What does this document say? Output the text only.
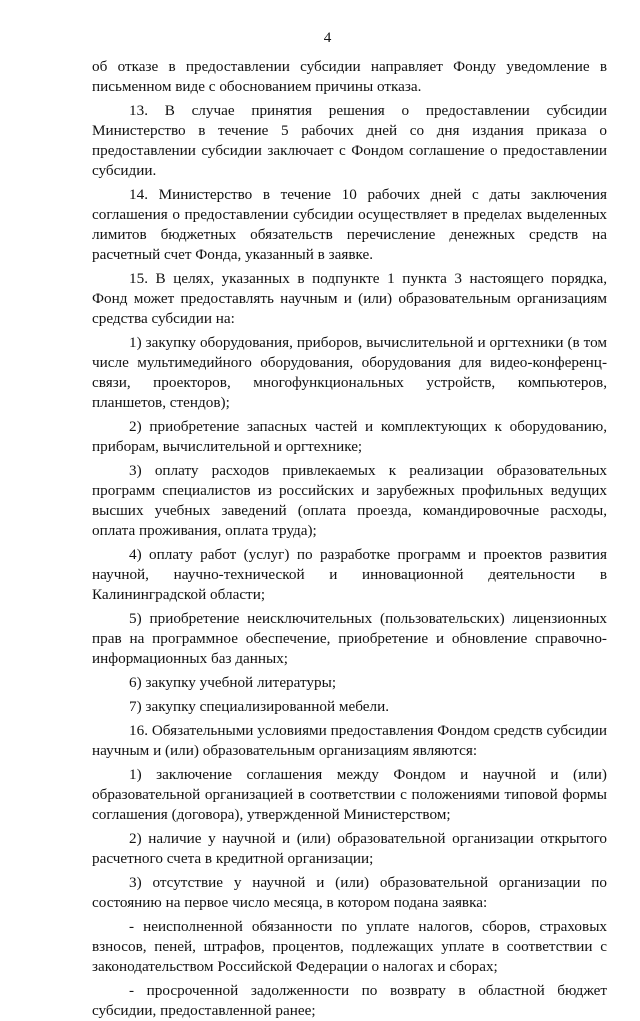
4

об отказе в предоставлении субсидии направляет Фонду уведомление в письменном виде с обоснованием причины отказа.

13. В случае принятия решения о предоставлении субсидии Министерство в течение 5 рабочих дней со дня издания приказа о предоставлении субсидии заключает с Фондом соглашение о предоставлении субсидии.

14. Министерство в течение 10 рабочих дней с даты заключения соглашения о предоставлении субсидии осуществляет в пределах выделенных лимитов бюджетных обязательств перечисление денежных средств на расчетный счет Фонда, указанный в заявке.

15. В целях, указанных в подпункте 1 пункта 3 настоящего порядка, Фонд может предоставлять научным и (или) образовательным организациям средства субсидии на:

1) закупку оборудования, приборов, вычислительной и оргтехники (в том числе мультимедийного оборудования, оборудования для видео-конференц-связи, проекторов, многофункциональных устройств, компьютеров, планшетов, стендов);

2) приобретение запасных частей и комплектующих к оборудованию, приборам, вычислительной и оргтехнике;

3) оплату расходов привлекаемых к реализации образовательных программ специалистов из российских и зарубежных профильных ведущих высших учебных заведений (оплата проезда, командировочные расходы, оплата проживания, оплата труда);

4) оплату работ (услуг) по разработке программ и проектов развития научной, научно-технической и инновационной деятельности в Калининградской области;

5) приобретение неисключительных (пользовательских) лицензионных прав на программное обеспечение, приобретение и обновление справочно-информационных баз данных;

6) закупку учебной литературы;

7) закупку специализированной мебели.

16. Обязательными условиями предоставления Фондом средств субсидии научным и (или) образовательным организациям являются:

1) заключение соглашения между Фондом и научной и (или) образовательной организацией в соответствии с положениями типовой формы соглашения (договора), утвержденной Министерством;

2) наличие у научной и (или) образовательной организации открытого расчетного счета в кредитной организации;

3) отсутствие у научной и (или) образовательной организации по состоянию на первое число месяца, в котором подана заявка:

- неисполненной обязанности по уплате налогов, сборов, страховых взносов, пеней, штрафов, процентов, подлежащих уплате в соответствии с законодательством Российской Федерации о налогах и сборах;

- просроченной задолженности по возврату в областной бюджет субсидии, предоставленной ранее;
